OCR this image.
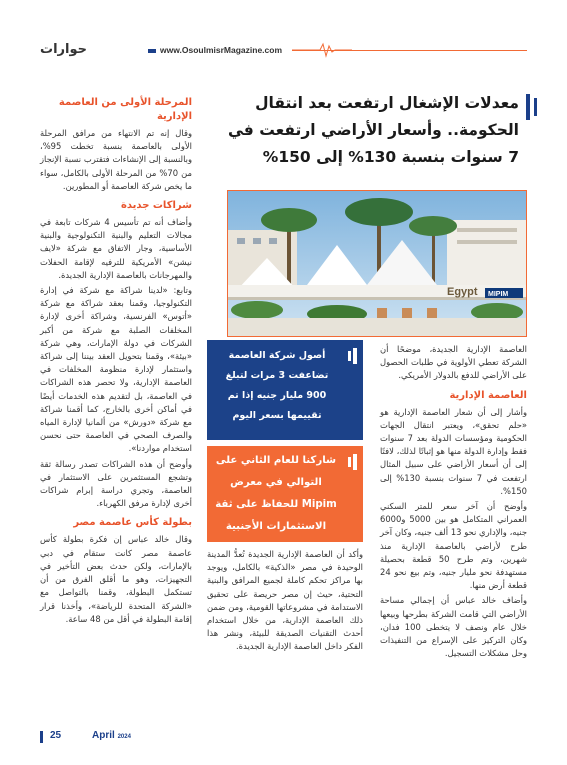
حوارات	www.OsoulmisrMagazine.com
معدلات الإشغال ارتفعت بعد انتقال الحكومة.. وأسعار الأراضي ارتفعت في 7 سنوات بنسبة 130% إلى 150%
Egypt MIPIM

العاصمة الإدارية الجديدة، موضحًا أن الشركة تعطي الأولوية في طلبات الحصول على الأراضي للدفع بالدولار الأمريكي.

العاصمة الإدارية

وأشار إلى أن شعار العاصمة الإدارية هو «حلم تحقق»، ويعتبر انتقال الجهات الحكومية ومؤسسات الدولة بعد 7 سنوات فقط وإدارة الدولة منها هو إثباتًا لذلك، لافتًا إلى أن أسعار الأراضي على سبيل المثال ارتفعت في 7 سنوات بنسبة 130% إلى 150%.

وأوضح أن آخر سعر للمتر السكني العمراني المتكامل هو بين 5000 و6000 جنيه، والإداري نحو 13 ألف جنيه، وكان آخر طرح لأراضي بالعاصمة الإدارية منذ شهرين، وتم طرح 50 قطعة بحصيلة مستهدفة نحو مليار جنيه، وتم بيع نحو 24 قطعة أرض منها.

وأضاف خالد عباس أن إجمالي مساحة الأراضي التي قامت الشركة بطرحها وبيعها خلال عام ونصف لا يتخطى 100 فدان، وكان التركيز على الإسراع من التنفيذات وحل مشكلات التسجيل.

أصول شركة العاصمة تضاعفت 3 مرات لتبلغ 900 مليار جنيه إذا تم تقييمها بسعر اليوم
شاركنا للعام الثاني على التوالي في معرض Mipim للحفاظ على ثقة الاستثمارات الأجنبية

وأكد أن العاصمة الإدارية الجديدة تُعدُّ المدينة الوحيدة في مصر «الذكية» بالكامل، ويوجد بها مراكز تحكم كاملة لجميع المرافق والبنية التحتية، حيث إن مصر حريصة على تحقيق الاستدامة في مشروعاتها القومية، ومن ضمن ذلك العاصمة الإدارية، من خلال استخدام أحدث التقنيات الصديقة للبيئة، ونشر هذا الفكر داخل العاصمة الإدارية الجديدة.

المرحلة الأولى من العاصمة الإدارية

وقال إنه تم الانتهاء من مرافق المرحلة الأولى بالعاصمة بنسبة تخطت 95%، وبالنسبة إلى الإنشاءات فتقترب نسبة الإنجاز من 70% من المرحلة الأولى بالكامل، سواء ما يخص شركة العاصمة أو المطورين.

شراكات جديدة

وأضاف أنه تم تأسيس 4 شركات تابعة في مجالات التعليم والبنية التكنولوجية والبنية الأساسية، وجار الاتفاق مع شركة «لايف نيشن» الأمريكية للترفيه لإقامة الحفلات والمهرجانات بالعاصمة الإدارية الجديدة.

وتابع: «لدينا شراكة مع شركة في إدارة التكنولوجيا، وقمنا بعقد شراكة مع شركة «أتوس» الفرنسية، وشراكة أخرى لإدارة المخلفات الصلبة مع شركة من أكبر الشركات في دولة الإمارات، وهي شركة «بيئة»، وقمنا بتحويل العقد بيننا إلى شراكة واستثمار لإدارة منظومة المخلفات في العاصمة الإدارية، ولا تحصر هذه الشراكات في العاصمة، بل لتقديم هذه الخدمات أيضًا في أماكن أخرى بالخارج، كما أقمنا شراكة مع شركة «دورش» من ألمانيا لإدارة المياه والصرف الصحي في العاصمة حتى نحسن استخدام مواردنا».

وأوضح أن هذه الشراكات تصدر رسالة ثقة وتشجع المستثمرين على الاستثمار في العاصمة، وتجري دراسة إبرام شراكات أخرى لإدارة مرفق الكهرباء.

بطولة كأس عاصمة مصر

وقال خالد عباس إن فكرة بطولة كأس عاصمة مصر كانت ستقام في دبي بالإمارات، ولكن حدث بعض التأخير في التجهيزات، وهو ما أقلق الفرق من أن تستكمل البطولة، وقمنا بالتواصل مع «الشركة المتحدة للرياضة»، وأخذنا قرار إقامة البطولة في أقل من 48 ساعة.

25	April 2024
